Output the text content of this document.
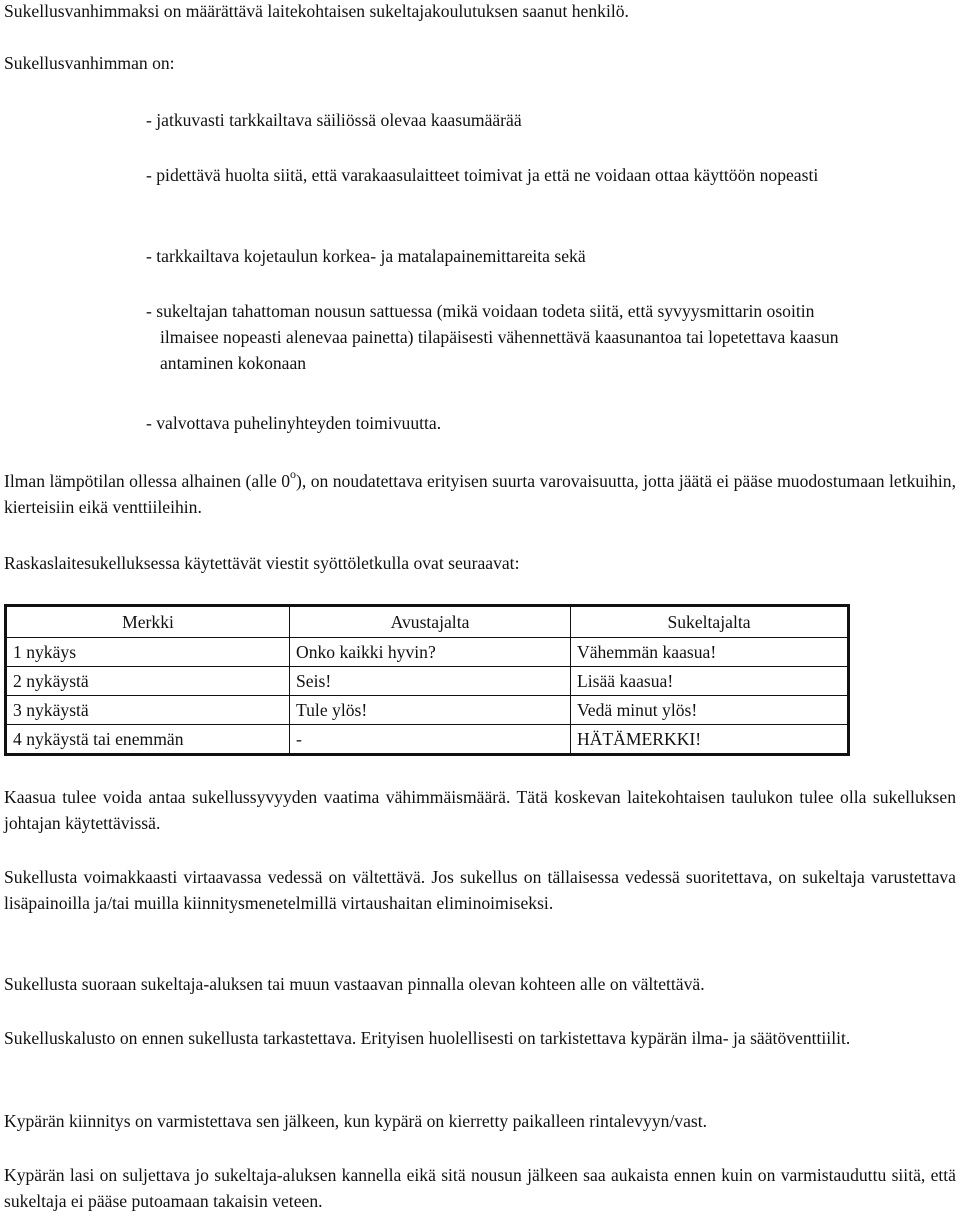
Sukellusvanhimmaksi on määrättävä laitekohtaisen sukeltajakoulutuksen saanut henkilö.

Sukellusvanhimman on:

- jatkuvasti tarkkailtava säiliössä olevaa kaasumäärää

- pidettävä huolta siitä, että varakaasulaitteet toimivat ja että ne voidaan ottaa käyttöön nopeasti

- tarkkailtava kojetaulun korkea- ja matalapainemittareita sekä

- sukeltajan tahattoman nousun sattuessa (mikä voidaan todeta siitä, että syvyysmittarin osoitin ilmaisee nopeasti alenevaa painetta) tilapäisesti vähennettävä kaasunantoa tai lopetettava kaasun antaminen kokonaan

- valvottava puhelinyhteyden toimivuutta.

Ilman lämpötilan ollessa alhainen (alle 0$^o$), on noudatettava erityisen suurta varovaisuutta, jotta jäätä ei pääse muodostumaan letkuihin, kierteisiin eikä venttiileihin.

Raskaslaitesukelluksessa käytettävät viestit syöttöletkulla ovat seuraavat:

Merkki	Avustajalta	Sukeltajalta
1 nykäys	Onko kaikki hyvin?	Vähemmän kaasua!
2 nykäystä	Seis!	Lisää kaasua!
3 nykäystä	Tule ylös!	Vedä minut ylös!
4 nykäystä tai enemmän	-	HÄTÄMERKKI!

Kaasua tulee voida antaa sukellussyvyyden vaatima vähimmäismäärä. Tätä koskevan laitekohtaisen taulukon tulee olla sukelluksen johtajan käytettävissä.

Sukellusta voimakkaasti virtaavassa vedessä on vältettävä. Jos sukellus on tällaisessa vedessä suoritettava, on sukeltaja varustettava lisäpainoilla ja/tai muilla kiinnitysmenetelmillä virtaushaitan eliminoimiseksi.

Sukellusta suoraan sukeltaja-aluksen tai muun vastaavan pinnalla olevan kohteen alle on vältettävä.

Sukelluskalusto on ennen sukellusta tarkastettava. Erityisen huolellisesti on tarkistettava kypärän ilma- ja säätöventtiilit.

Kypärän kiinnitys on varmistettava sen jälkeen, kun kypärä on kierretty paikalleen rintalevyyn/vast.

Kypärän lasi on suljettava jo sukeltaja-aluksen kannella eikä sitä nousun jälkeen saa aukaista ennen kuin on varmistauduttu siitä, että sukeltaja ei pääse putoamaan takaisin veteen.
